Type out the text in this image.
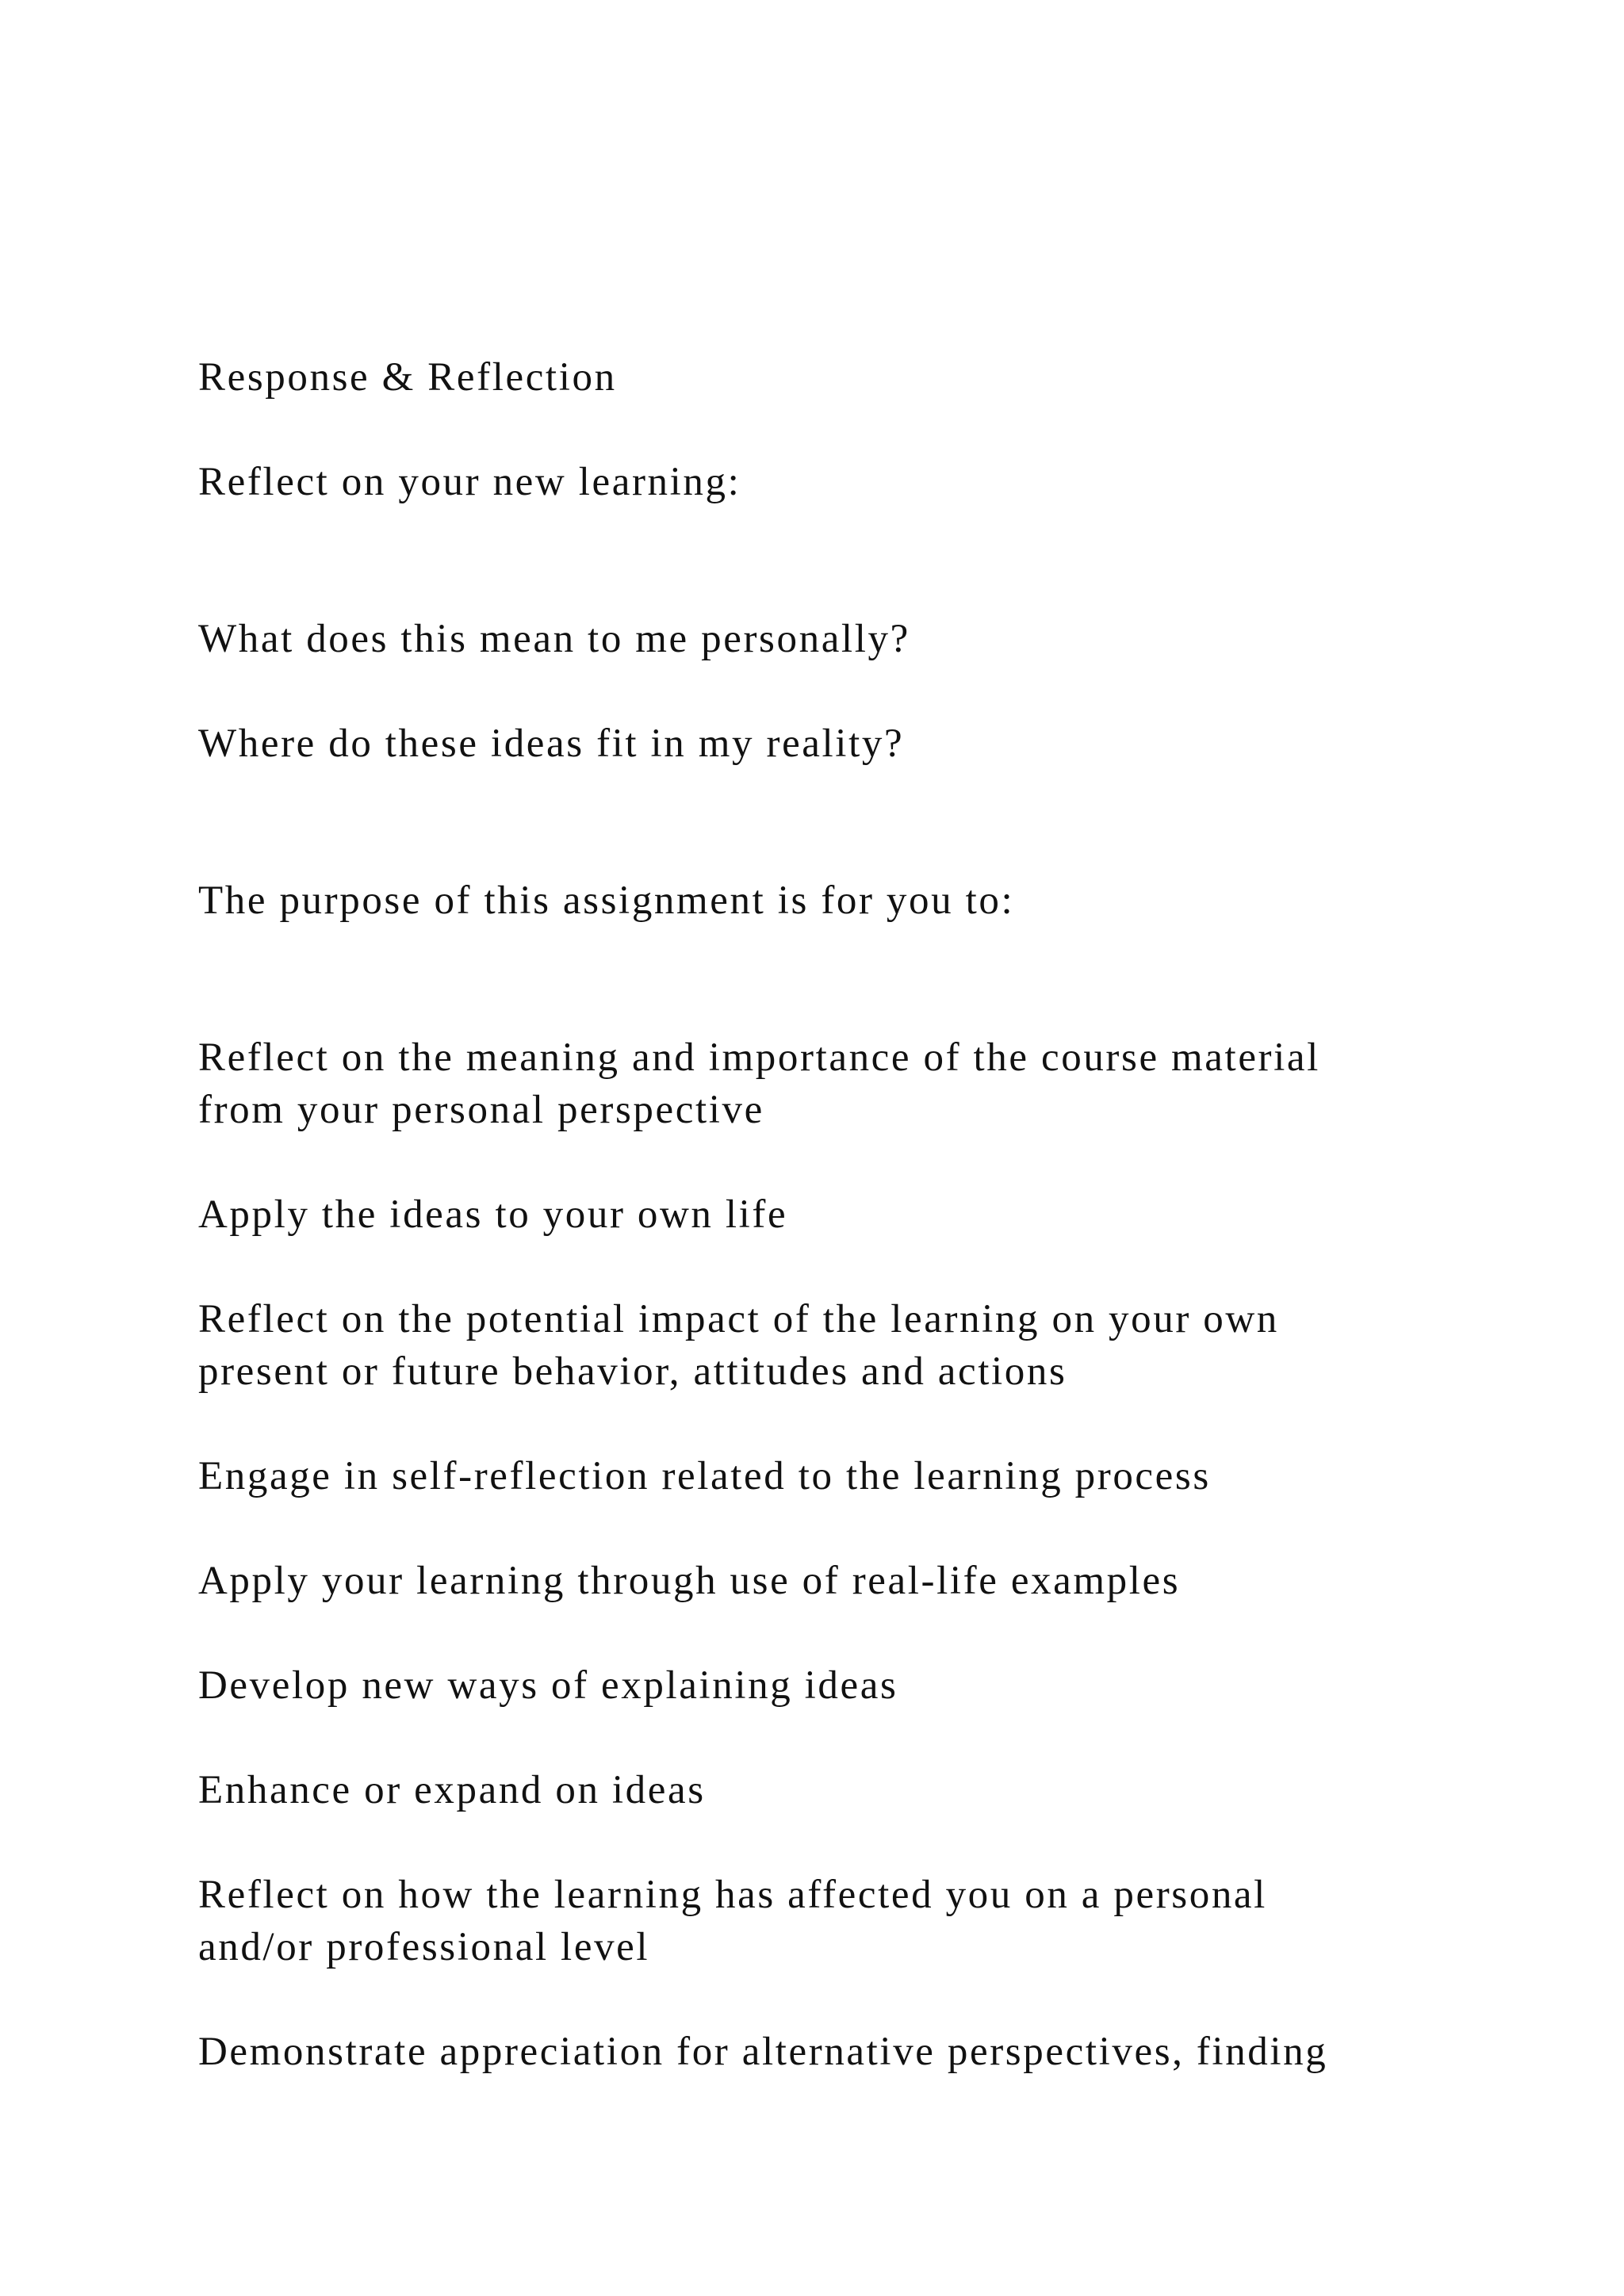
Response & Reflection
Reflect on your new learning:
What does this mean to me personally?
Where do these ideas fit in my reality?
The purpose of this assignment is for you to:
Reflect on the meaning and importance of the course material
from your personal perspective
Apply the ideas to your own life
Reflect on the potential impact of the learning on your own
present or future behavior, attitudes and actions
Engage in self-reflection related to the learning process
Apply your learning through use of real-life examples
Develop new ways of explaining ideas
Enhance or expand on ideas
Reflect on how the learning has affected you on a personal
and/or professional level
Demonstrate appreciation for alternative perspectives, finding
